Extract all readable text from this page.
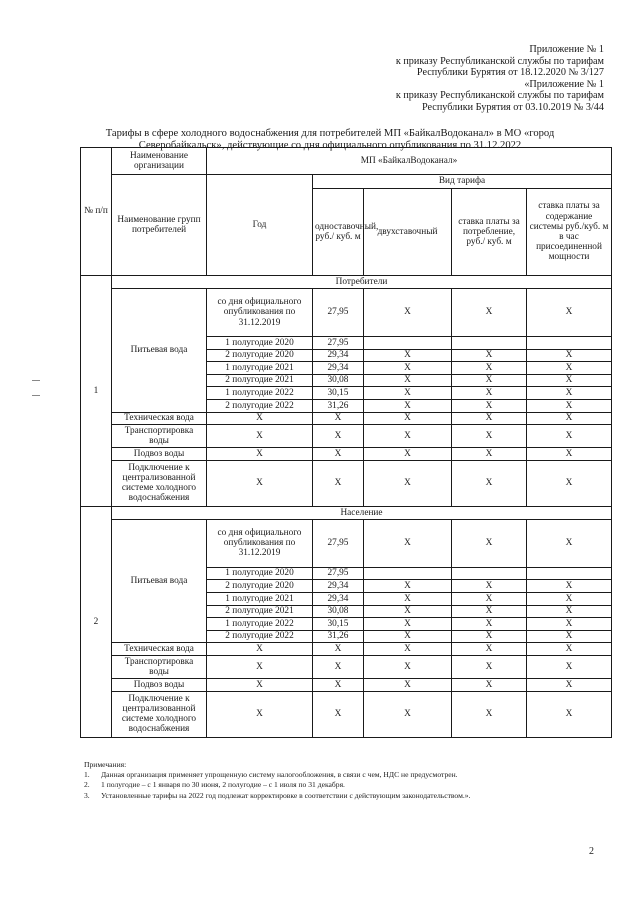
Приложение № 1
к приказу Республиканской службы по тарифам
Республики Бурятия от 18.12.2020 № 3/127
«Приложение № 1
к приказу Республиканской службы по тарифам
Республики Бурятия от 03.10.2019 № 3/44
Тарифы в сфере холодного водоснабжения для потребителей МП «БайкалВодоканал» в МО «город
Северобайкальск», действующие со дня официального опубликования по 31.12.2022
№ п/п	Наименование организации	МП «БайкалВодоканал»				
	Наименование групп потребителей	Год	Вид тарифа			
			одноставочный, руб./ куб. м	двухставочный	ставка платы за потребление, руб./ куб. м	ставка платы за содержание системы руб./куб. м в час присоединенной мощности
1	Потребители					
	Питьевая вода	со дня официального опубликования по 31.12.2019	27,95	X	X	X
		1 полугодие 2020	27,95			
		2 полугодие 2020	29,34	X	X	X
		1 полугодие 2021	29,34	X	X	X
		2 полугодие 2021	30,08	X	X	X
		1 полугодие 2022	30,15	X	X	X
		2 полугодие 2022	31,26	X	X	X
	Техническая вода	X	X	X	X	X
	Транспортировка воды	X	X	X	X	X
	Подвоз воды	X	X	X	X	X
	Подключение к централизованной системе холодного водоснабжения	X	X	X	X	X
2	Население					
	Питьевая вода	со дня официального опубликования по 31.12.2019	27,95	X	X	X
		1 полугодие 2020	27,95			
		2 полугодие 2020	29,34	X	X	X
		1 полугодие 2021	29,34	X	X	X
		2 полугодие 2021	30,08	X	X	X
		1 полугодие 2022	30,15	X	X	X
		2 полугодие 2022	31,26	X	X	X
	Техническая вода	X	X	X	X	X
	Транспортировка воды	X	X	X	X	X
	Подвоз воды	X	X	X	X	X
	Подключение к централизованной системе холодного водоснабжения	X	X	X	X	X
Примечания:
1.	Данная организация применяет упрощенную систему налогообложения, в связи с чем, НДС не предусмотрен.
2.	1 полугодие – с 1 января по 30 июня, 2 полугодие – с 1 июля по 31 декабря.
3.	Установленные тарифы на 2022 год подлежат корректировке в соответствии с действующим законодательством.».
2
